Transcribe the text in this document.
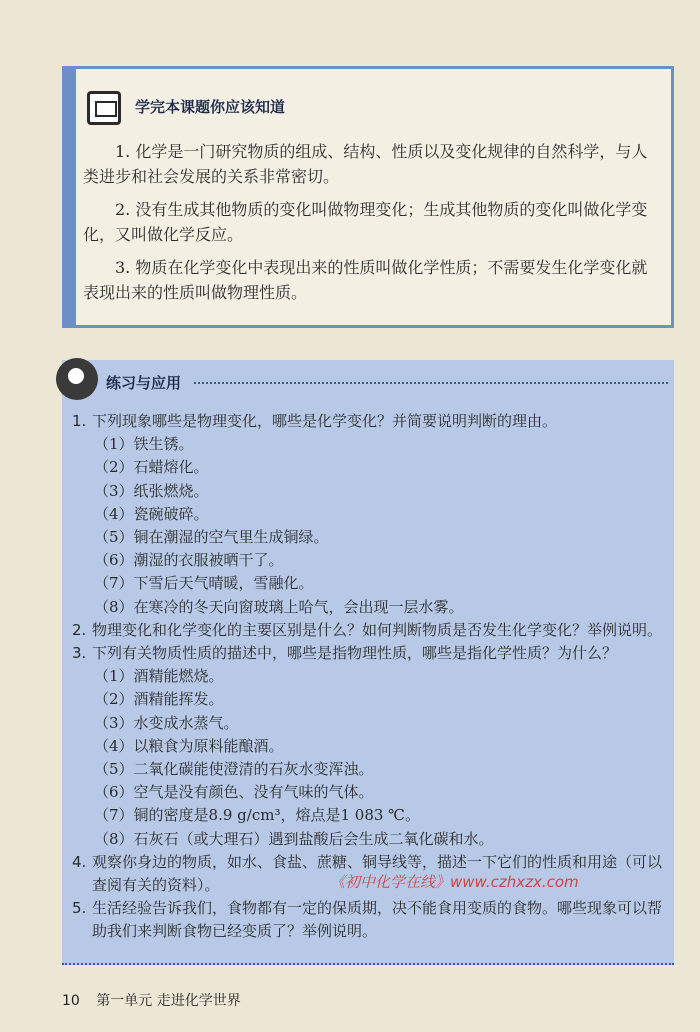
学完本课题你应该知道

1. 化学是一门研究物质的组成、结构、性质以及变化规律的自然科学，与人类进步和社会发展的关系非常密切。

2. 没有生成其他物质的变化叫做物理变化；生成其他物质的变化叫做化学变化，又叫做化学反应。

3. 物质在化学变化中表现出来的性质叫做化学性质；不需要发生化学变化就表现出来的性质叫做物理性质。

练习与应用
1. 下列现象哪些是物理变化，哪些是化学变化？并简要说明判断的理由。
（1）铁生锈。
（2）石蜡熔化。
（3）纸张燃烧。
（4）瓷碗破碎。
（5）铜在潮湿的空气里生成铜绿。
（6）潮湿的衣服被晒干了。
（7）下雪后天气晴暖，雪融化。
（8）在寒冷的冬天向窗玻璃上哈气，会出现一层水雾。
2. 物理变化和化学变化的主要区别是什么？如何判断物质是否发生化学变化？举例说明。
3. 下列有关物质性质的描述中，哪些是指物理性质，哪些是指化学性质？为什么？
（1）酒精能燃烧。
（2）酒精能挥发。
（3）水变成水蒸气。
（4）以粮食为原料能酿酒。
（5）二氧化碳能使澄清的石灰水变浑浊。
（6）空气是没有颜色、没有气味的气体。
（7）铜的密度是8.9 g/cm³，熔点是1 083 ℃。
（8）石灰石（或大理石）遇到盐酸后会生成二氧化碳和水。
4. 观察你身边的物质，如水、食盐、蔗糖、铜导线等，描述一下它们的性质和用途（可以查阅有关的资料）。
5. 生活经验告诉我们，食物都有一定的保质期，决不能食用变质的食物。哪些现象可以帮助我们来判断食物已经变质了？举例说明。
《初中化学在线》www.czhxzx.com
10 第一单元 走进化学世界
